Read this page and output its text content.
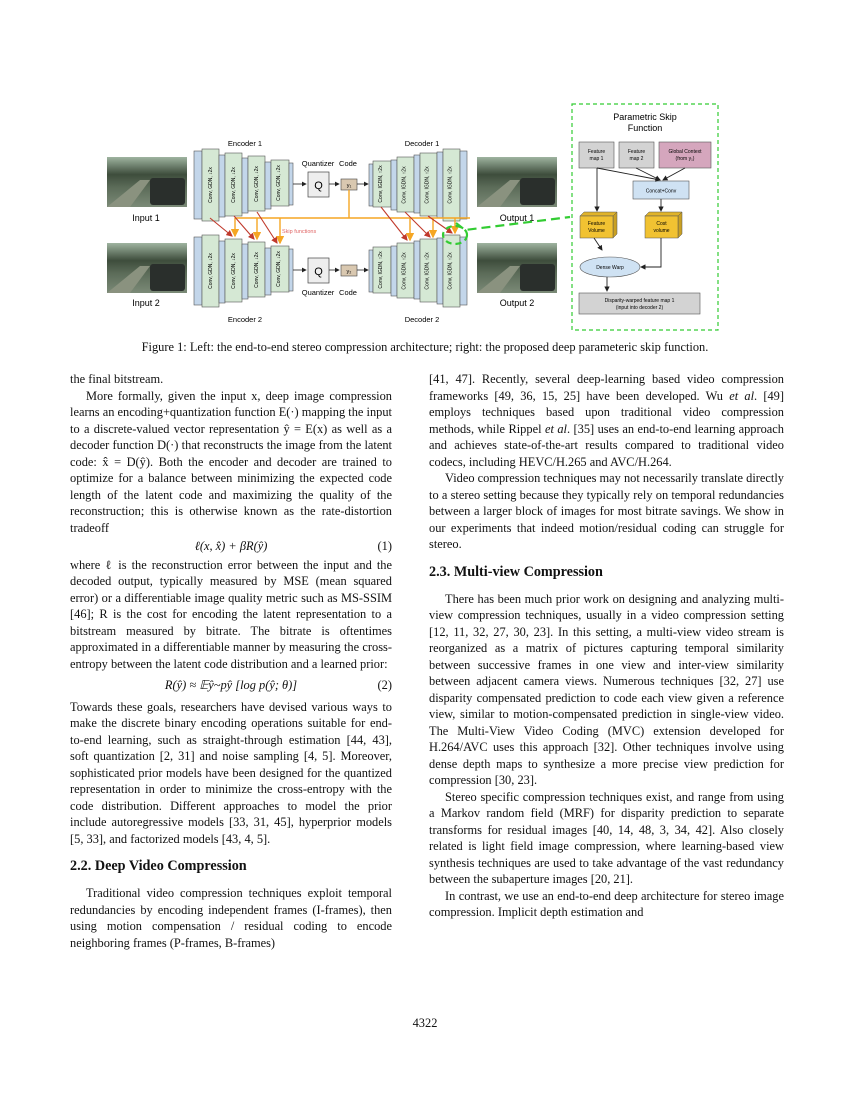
Input 1
Input 2
Encoder 1
Conv, GDN, ↓2x	Conv, GDN, ↓2x	Conv, GDN, ↓2x	Conv, GDN, ↓2x
Conv, GDN, ↓2x	Conv, GDN, ↓2x	Conv, GDN, ↓2x	Conv, GDN, ↓2x
Encoder 2
Quantizer Code
Q	y₁
Q	y₂
Quantizer Code
Decoder 1
Conv, IGDN, ↑2x	Conv, IGDN, ↑2x	Conv, IGDN, ↑2x	Conv, IGDN, ↑2x
Conv, IGDN, ↑2x	Conv, IGDN, ↑2x	Conv, IGDN, ↑2x	Conv, IGDN, ↑2x
Decoder 2
Skip functions
Output 1
Output 2
Parametric Skip
Function
Feature
map 1
Feature
map 2
Global Context
(from y₁)
Concat+Conv
Feature
Volume
Cost
volume
Dense Warp
Disparity-warped feature map 1
(input into decoder 2)
Figure 1: Left: the end-to-end stereo compression architecture; right: the proposed deep parameteric skip function.

the final bitstream.

More formally, given the input x, deep image compression learns an encoding+quantization function E(·) mapping the input to a discrete-valued vector representation ŷ = E(x) as well as a decoder function D(·) that reconstructs the image from the latent code: x̂ = D(ŷ). Both the encoder and decoder are trained to optimize for a balance between minimizing the expected code length of the latent code and maximizing the quality of the reconstruction; this is otherwise known as the rate-distortion tradeoff

ℓ(x, x̂) + βR(ŷ)	(1)

where ℓ is the reconstruction error between the input and the decoded output, typically measured by MSE (mean squared error) or a differentiable image quality metric such as MS-SSIM [46]; R is the cost for encoding the latent representation to a bitstream measured by bitrate. The bitrate is oftentimes approximated in a differentiable manner by measuring the cross-entropy between the latent code distribution and a learned prior:

R(ŷ) ≈ 𝔼ŷ~pŷ [log p(ŷ; θ)]	(2)

Towards these goals, researchers have devised various ways to make the discrete binary encoding operations suitable for end-to-end learning, such as straight-through estimation [44, 43], soft quantization [2, 31] and noise sampling [4, 5]. Moreover, sophisticated prior models have been designed for the quantized representation in order to minimize the cross-entropy with the code distribution. Different approaches to model the prior include autoregressive models [33, 31, 45], hyperprior models [5, 33], and factorized models [43, 4, 5].

2.2. Deep Video Compression

Traditional video compression techniques exploit temporal redundancies by encoding independent frames (I-frames), then using motion compensation / residual coding to encode neighboring frames (P-frames, B-frames)

[41, 47]. Recently, several deep-learning based video compression frameworks [49, 36, 15, 25] have been developed. Wu et al. [49] employs techniques based upon traditional video compression methods, while Rippel et al. [35] uses an end-to-end learning approach and achieves state-of-the-art results compared to traditional video codecs, including HEVC/H.265 and AVC/H.264.

Video compression techniques may not necessarily translate directly to a stereo setting because they typically rely on temporal redundancies between a larger block of images for most bitrate savings. We show in our experiments that indeed motion/residual coding can struggle for stereo.

2.3. Multi-view Compression

There has been much prior work on designing and analyzing multi-view compression techniques, usually in a video compression setting [12, 11, 32, 27, 30, 23]. In this setting, a multi-view video stream is reorganized as a matrix of pictures capturing temporal similarity between successive frames in one view and inter-view similarity between adjacent camera views. Numerous techniques [32, 27] use disparity compensated prediction to code each view given a reference view, similar to motion-compensated prediction in single-view video. The Multi-View Video Coding (MVC) extension developed for H.264/AVC uses this approach [32]. Other techniques involve using dense depth maps to synthesize a more precise view prediction for compression [30, 23].

Stereo specific compression techniques exist, and range from using a Markov random field (MRF) for disparity prediction to separate transforms for residual images [40, 14, 48, 3, 34, 42]. Also closely related is light field image compression, where learning-based view synthesis techniques are used to take advantage of the vast redundancy between the subaperture images [20, 21].

In contrast, we use an end-to-end deep architecture for stereo image compression. Implicit depth estimation and

4322
